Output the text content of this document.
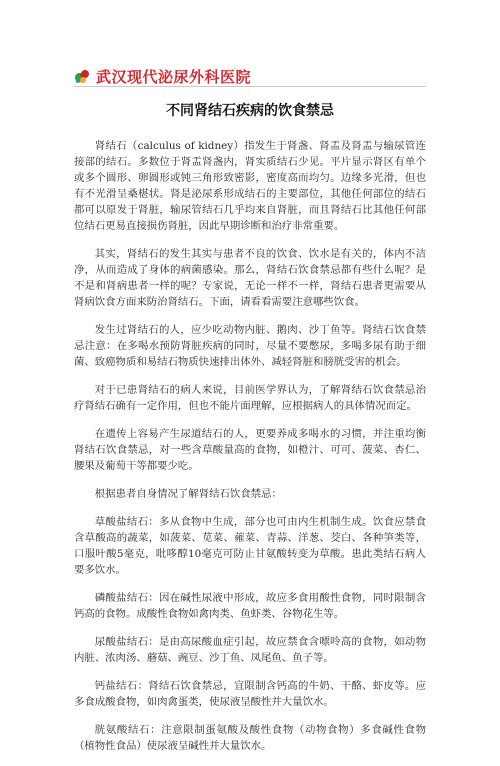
武汉现代泌尿外科医院
不同肾结石疾病的饮食禁忌

肾结石（calculus of kidney）指发生于肾盏、肾盂及肾盂与输尿管连接部的结石。多数位于肾盂肾盏内，肾实质结石少见。平片显示肾区有单个或多个圆形、卵圆形或钝三角形致密影，密度高而均匀。边缘多光滑，但也有不光滑呈桑椹状。肾是泌尿系形成结石的主要部位，其他任何部位的结石都可以原发于肾脏，输尿管结石几乎均来自肾脏，而且肾结石比其他任何部位结石更易直接损伤肾脏，因此早期诊断和治疗非常重要。

其实，肾结石的发生其实与患者不良的饮食、饮水是有关的，体内不洁净，从而造成了身体的病菌感染。那么，肾结石饮食禁忌都有些什么呢？是不是和肾病患者一样的呢？专家说，无论一样不一样，肾结石患者更需要从肾病饮食方面来防治肾结石。下面，请看看需要注意哪些饮食。

发生过肾结石的人，应少吃动物内脏、鹅肉、沙丁鱼等。肾结石饮食禁忌注意：在多喝水预防肾脏疾病的同时，尽量不要憋尿，多喝多尿有助于细菌、致癌物质和易结石物质快速排出体外、减轻肾脏和膀胱受害的机会。

对于已患肾结石的病人来说，目前医学界认为，了解肾结石饮食禁忌治疗肾结石确有一定作用，但也不能片面理解，应根据病人的具体情况而定。

在遗传上容易产生尿道结石的人，更要养成多喝水的习惯，并注重均衡肾结石饮食禁忌，对一些含草酸量高的食物，如橙汁、可可、菠菜、杏仁、腰果及葡萄干等都要少吃。

根据患者自身情况了解肾结石饮食禁忌：

草酸盐结石：多从食物中生成，部分也可由内生机制生成。饮食应禁食含草酸高的蔬菜，如菠菜、苋菜、蕹菜、青蒜、洋葱、茭白、各种笋类等，口服叶酸5毫克，吡哆醇10毫克可防止甘氨酸转变为草酸。患此类结石病人要多饮水。

磷酸盐结石：因在碱性尿液中形成，故应多食用酸性食物，同时限制含钙高的食物。成酸性食物如禽肉类、鱼虾类、谷物花生等。

尿酸盐结石：是由高尿酸血症引起，故应禁食含嘌呤高的食物，如动物内脏、浓肉汤、蘑菇、豌豆、沙丁鱼、凤尾鱼、鱼子等。

钙盐结石：肾结石饮食禁忌，宜限制含钙高的牛奶、干酪、虾皮等。应多食成酸食物，如肉禽蛋类，使尿液呈酸性并大量饮水。

胱氨酸结石：注意限制蛋氨酸及酸性食物（动物食物）多食碱性食物（植物性食品）使尿液呈碱性并大量饮水。
